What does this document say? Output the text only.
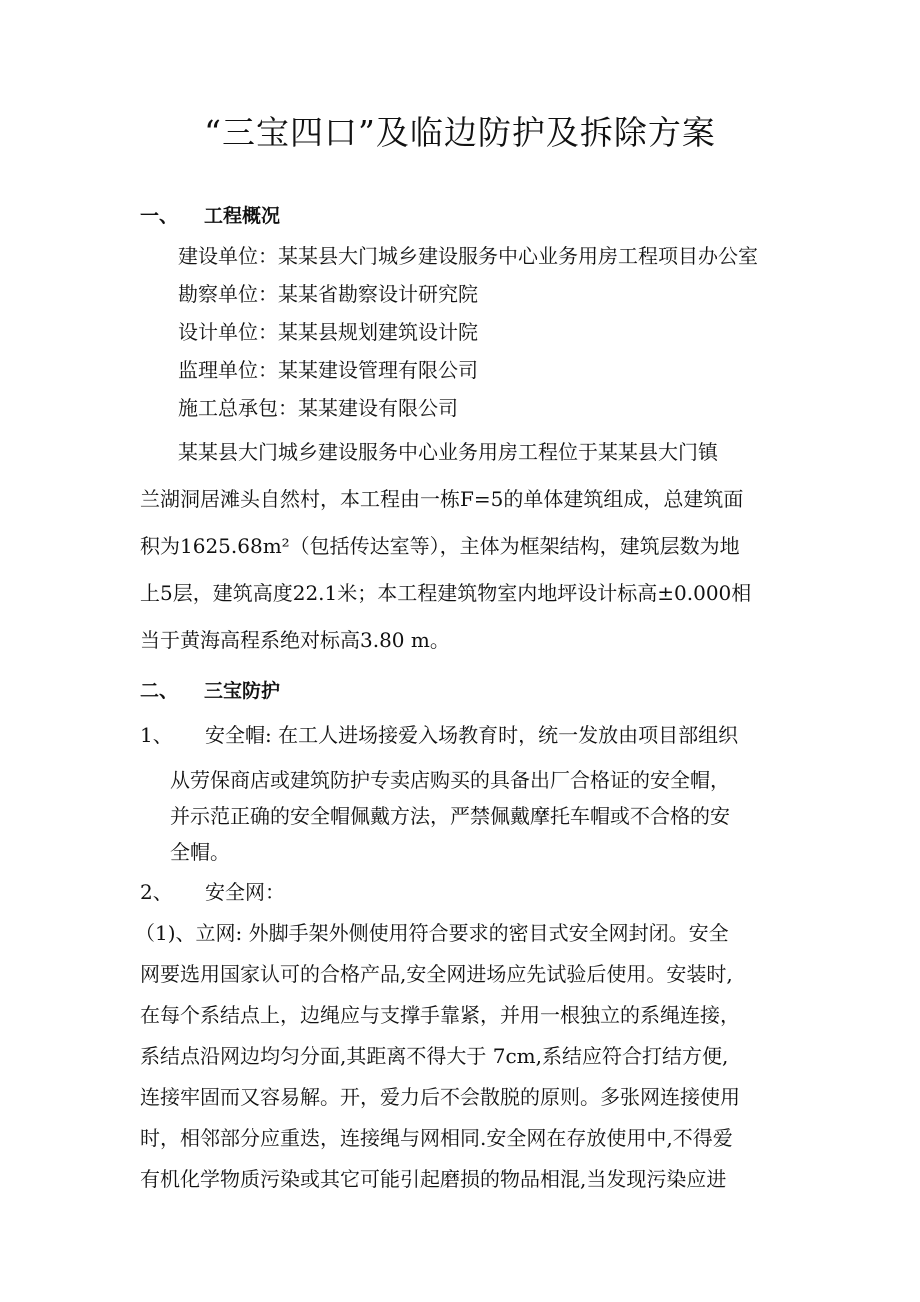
“三宝四口”及临边防护及拆除方案
一、 工程概况
建设单位：某某县大门城乡建设服务中心业务用房工程项目办公室
勘察单位：某某省勘察设计研究院
设计单位：某某县规划建筑设计院
监理单位：某某建设管理有限公司
施工总承包：某某建设有限公司
某某县大门城乡建设服务中心业务用房工程位于某某县大门镇
兰湖洞居滩头自然村，本工程由一栋F=5的单体建筑组成，总建筑面
积为1625.68m²（包括传达室等），主体为框架结构，建筑层数为地
上5层，建筑高度22.1米；本工程建筑物室内地坪设计标高±0.000相
当于黄海高程系绝对标高3.80 m。
二、 三宝防护
1、 安全帽: 在工人进场接爱入场教育时，统一发放由项目部组织
从劳保商店或建筑防护专卖店购买的具备出厂合格证的安全帽，
并示范正确的安全帽佩戴方法，严禁佩戴摩托车帽或不合格的安
全帽。
2、 安全网：
（1)、立网: 外脚手架外侧使用符合要求的密目式安全网封闭。安全
网要选用国家认可的合格产品,安全网进场应先试验后使用。安装时,
在每个系结点上，边绳应与支撑手靠紧，并用一根独立的系绳连接，
系结点沿网边均匀分面,其距离不得大于 7cm,系结应符合打结方便,
连接牢固而又容易解。开，爱力后不会散脱的原则。多张网连接使用
时，相邻部分应重迭，连接绳与网相同.安全网在存放使用中,不得爱
有机化学物质污染或其它可能引起磨损的物品相混,当发现污染应进
